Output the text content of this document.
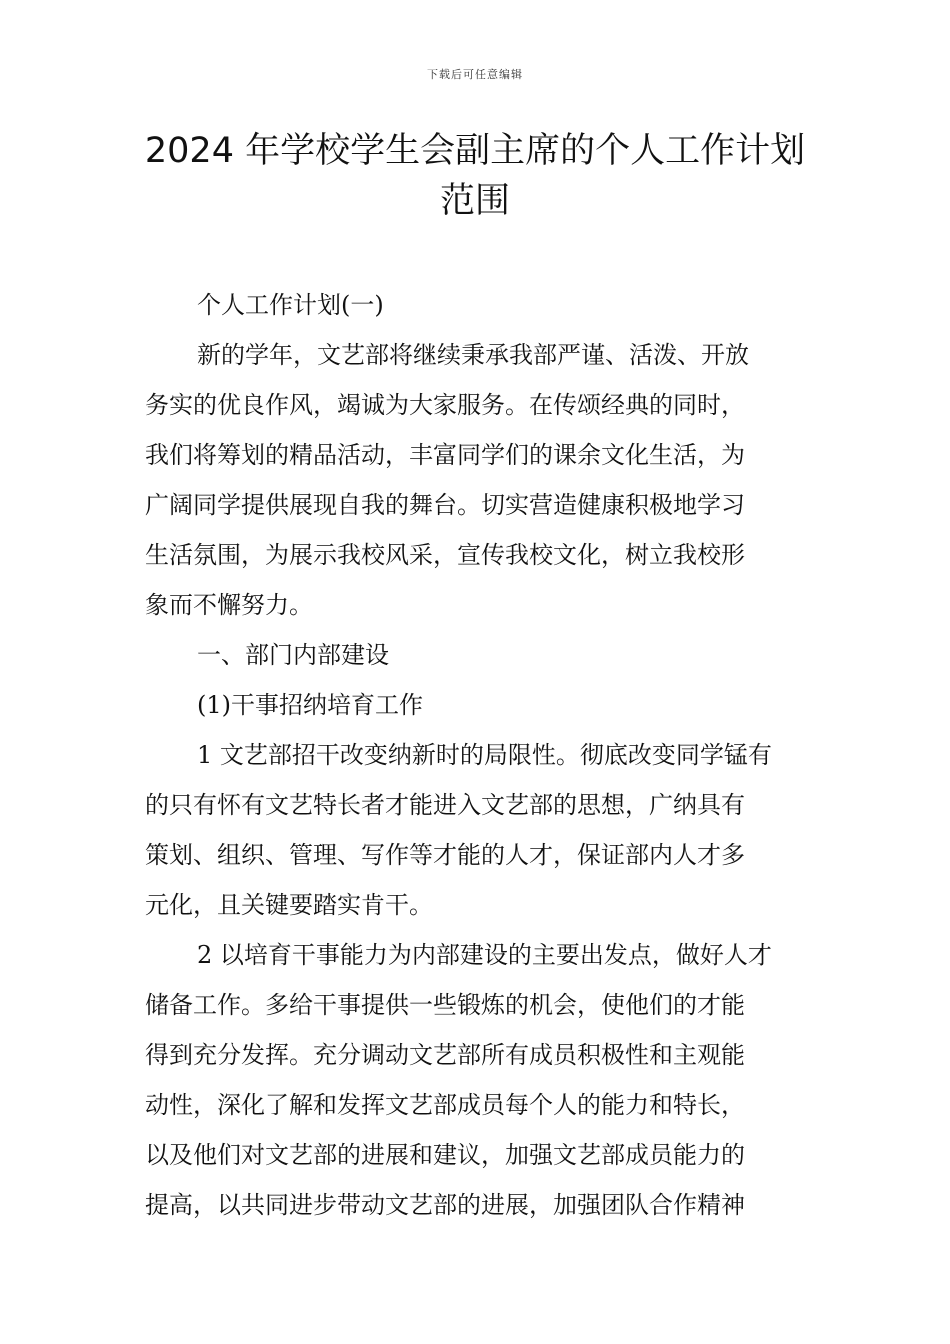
下载后可任意编辑
2024 年学校学生会副主席的个人工作计划
范围
个人工作计划(一)
新的学年，文艺部将继续秉承我部严谨、活泼、开放
务实的优良作风，竭诚为大家服务。在传颂经典的同时，
我们将筹划的精品活动，丰富同学们的课余文化生活，为
广阔同学提供展现自我的舞台。切实营造健康积极地学习
生活氛围，为展示我校风采，宣传我校文化，树立我校形
象而不懈努力。
一、部门内部建设
(1)干事招纳培育工作
1 文艺部招干改变纳新时的局限性。彻底改变同学锰有
的只有怀有文艺特长者才能进入文艺部的思想，广纳具有
策划、组织、管理、写作等才能的人才，保证部内人才多
元化，且关键要踏实肯干。
2 以培育干事能力为内部建设的主要出发点，做好人才
储备工作。多给干事提供一些锻炼的机会，使他们的才能
得到充分发挥。充分调动文艺部所有成员积极性和主观能
动性，深化了解和发挥文艺部成员每个人的能力和特长，
以及他们对文艺部的进展和建议，加强文艺部成员能力的
提高，以共同进步带动文艺部的进展，加强团队合作精神
